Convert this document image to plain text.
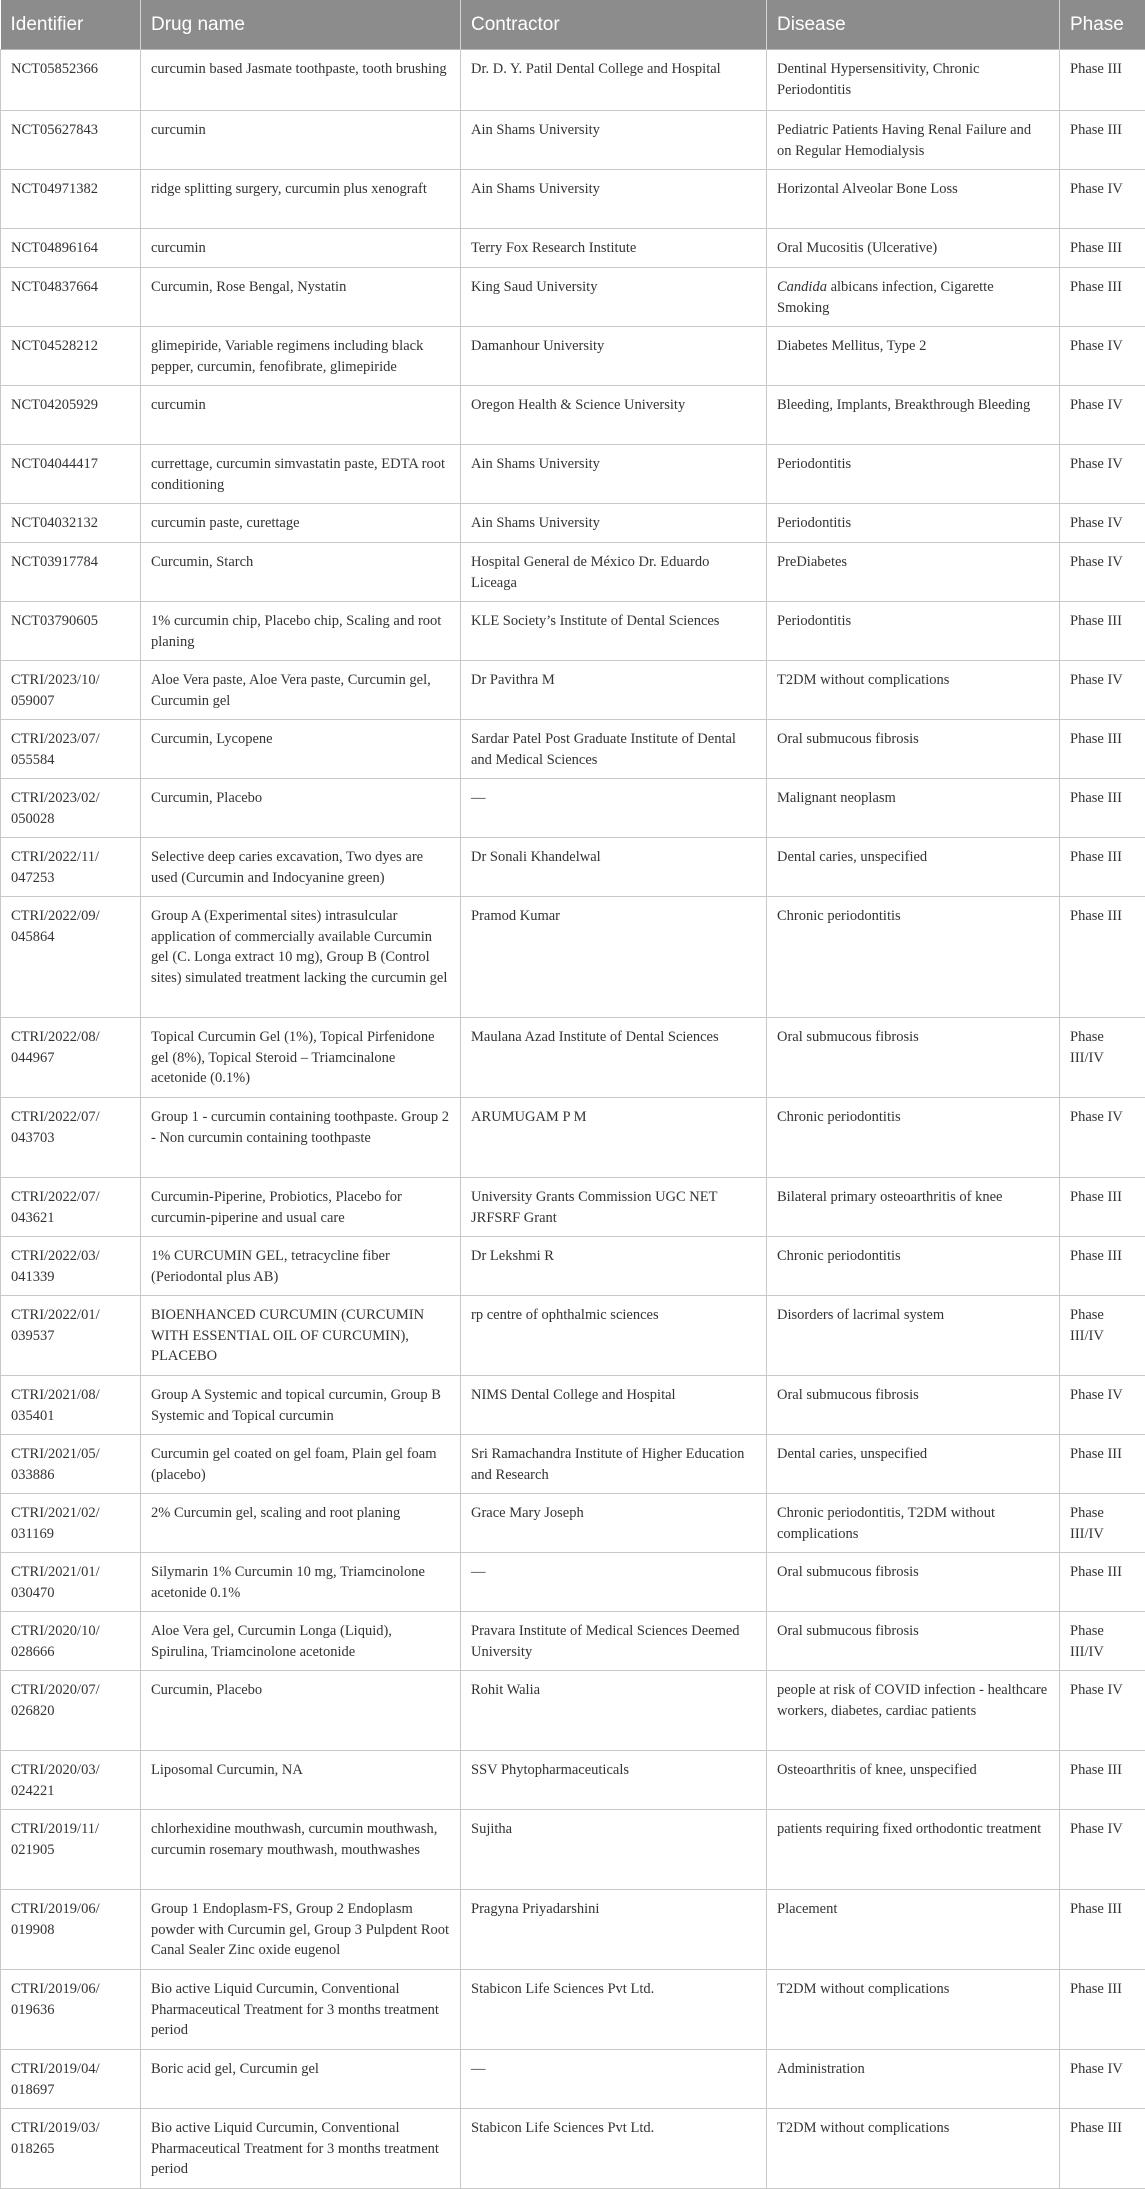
Identifier	Drug name	Contractor	Disease	Phase
NCT05852366	curcumin based Jasmate toothpaste, tooth brushing	Dr. D. Y. Patil Dental College and Hospital	Dentinal Hypersensitivity, Chronic Periodontitis	Phase III
NCT05627843	curcumin	Ain Shams University	Pediatric Patients Having Renal Failure and on Regular Hemodialysis	Phase III
NCT04971382	ridge splitting surgery, curcumin plus xenograft	Ain Shams University	Horizontal Alveolar Bone Loss	Phase IV
NCT04896164	curcumin	Terry Fox Research Institute	Oral Mucositis (Ulcerative)	Phase III
NCT04837664	Curcumin, Rose Bengal, Nystatin	King Saud University	Candida albicans infection, Cigarette Smoking	Phase III
NCT04528212	glimepiride, Variable regimens including black pepper, curcumin, fenofibrate, glimepiride	Damanhour University	Diabetes Mellitus, Type 2	Phase IV
NCT04205929	curcumin	Oregon Health & Science University	Bleeding, Implants, Breakthrough Bleeding	Phase IV
NCT04044417	currettage, curcumin simvastatin paste, EDTA root conditioning	Ain Shams University	Periodontitis	Phase IV
NCT04032132	curcumin paste, curettage	Ain Shams University	Periodontitis	Phase IV
NCT03917784	Curcumin, Starch	Hospital General de México Dr. Eduardo Liceaga	PreDiabetes	Phase IV
NCT03790605	1% curcumin chip, Placebo chip, Scaling and root planing	KLE Society’s Institute of Dental Sciences	Periodontitis	Phase III
CTRI/2023/10/ 059007	Aloe Vera paste, Aloe Vera paste, Curcumin gel, Curcumin gel	Dr Pavithra M	T2DM without complications	Phase IV
CTRI/2023/07/ 055584	Curcumin, Lycopene	Sardar Patel Post Graduate Institute of Dental and Medical Sciences	Oral submucous fibrosis	Phase III
CTRI/2023/02/ 050028	Curcumin, Placebo	—	Malignant neoplasm	Phase III
CTRI/2022/11/ 047253	Selective deep caries excavation, Two dyes are used (Curcumin and Indocyanine green)	Dr Sonali Khandelwal	Dental caries, unspecified	Phase III
CTRI/2022/09/ 045864	Group A (Experimental sites) intrasulcular application of commercially available Curcumin gel (C. Longa extract 10 mg), Group B (Control sites) simulated treatment lacking the curcumin gel	Pramod Kumar	Chronic periodontitis	Phase III
CTRI/2022/08/ 044967	Topical Curcumin Gel (1%), Topical Pirfenidone gel (8%), Topical Steroid – Triamcinalone acetonide (0.1%)	Maulana Azad Institute of Dental Sciences	Oral submucous fibrosis	Phase III/IV
CTRI/2022/07/ 043703	Group 1 - curcumin containing toothpaste. Group 2 - Non curcumin containing toothpaste	ARUMUGAM P M	Chronic periodontitis	Phase IV
CTRI/2022/07/ 043621	Curcumin-Piperine, Probiotics, Placebo for curcumin-piperine and usual care	University Grants Commission UGC NET JRFSRF Grant	Bilateral primary osteoarthritis of knee	Phase III
CTRI/2022/03/ 041339	1% CURCUMIN GEL, tetracycline fiber (Periodontal plus AB)	Dr Lekshmi R	Chronic periodontitis	Phase III
CTRI/2022/01/ 039537	BIOENHANCED CURCUMIN (CURCUMIN WITH ESSENTIAL OIL OF CURCUMIN), PLACEBO	rp centre of ophthalmic sciences	Disorders of lacrimal system	Phase III/IV
CTRI/2021/08/ 035401	Group A Systemic and topical curcumin, Group B Systemic and Topical curcumin	NIMS Dental College and Hospital	Oral submucous fibrosis	Phase IV
CTRI/2021/05/ 033886	Curcumin gel coated on gel foam, Plain gel foam (placebo)	Sri Ramachandra Institute of Higher Education and Research	Dental caries, unspecified	Phase III
CTRI/2021/02/ 031169	2% Curcumin gel, scaling and root planing	Grace Mary Joseph	Chronic periodontitis, T2DM without complications	Phase III/IV
CTRI/2021/01/ 030470	Silymarin 1% Curcumin 10 mg, Triamcinolone acetonide 0.1%	—	Oral submucous fibrosis	Phase III
CTRI/2020/10/ 028666	Aloe Vera gel, Curcumin Longa (Liquid), Spirulina, Triamcinolone acetonide	Pravara Institute of Medical Sciences Deemed University	Oral submucous fibrosis	Phase III/IV
CTRI/2020/07/ 026820	Curcumin, Placebo	Rohit Walia	people at risk of COVID infection - healthcare workers, diabetes, cardiac patients	Phase IV
CTRI/2020/03/ 024221	Liposomal Curcumin, NA	SSV Phytopharmaceuticals	Osteoarthritis of knee, unspecified	Phase III
CTRI/2019/11/ 021905	chlorhexidine mouthwash, curcumin mouthwash, curcumin rosemary mouthwash, mouthwashes	Sujitha	patients requiring fixed orthodontic treatment	Phase IV
CTRI/2019/06/ 019908	Group 1 Endoplasm-FS, Group 2 Endoplasm powder with Curcumin gel, Group 3 Pulpdent Root Canal Sealer Zinc oxide eugenol	Pragyna Priyadarshini	Placement	Phase III
CTRI/2019/06/ 019636	Bio active Liquid Curcumin, Conventional Pharmaceutical Treatment for 3 months treatment period	Stabicon Life Sciences Pvt Ltd.	T2DM without complications	Phase III
CTRI/2019/04/ 018697	Boric acid gel, Curcumin gel	—	Administration	Phase IV
CTRI/2019/03/ 018265	Bio active Liquid Curcumin, Conventional Pharmaceutical Treatment for 3 months treatment period	Stabicon Life Sciences Pvt Ltd.	T2DM without complications	Phase III
